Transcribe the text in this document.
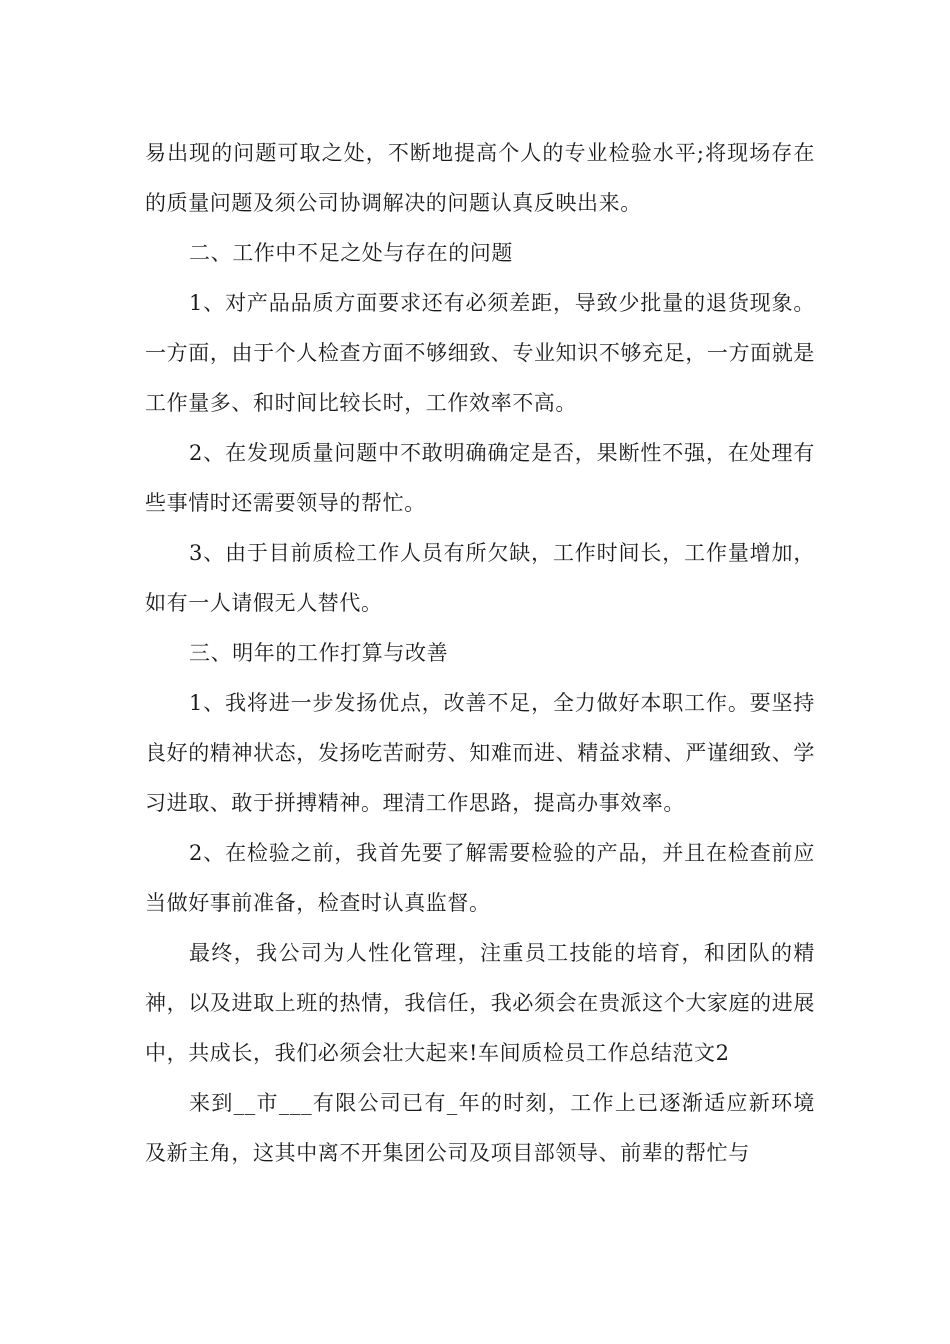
易出现的问题可取之处，不断地提高个人的专业检验水平;将现场存在的质量问题及须公司协调解决的问题认真反映出来。

二、工作中不足之处与存在的问题

1、对产品品质方面要求还有必须差距，导致少批量的退货现象。一方面，由于个人检查方面不够细致、专业知识不够充足，一方面就是工作量多、和时间比较长时，工作效率不高。

2、在发现质量问题中不敢明确确定是否，果断性不强，在处理有些事情时还需要领导的帮忙。

3、由于目前质检工作人员有所欠缺，工作时间长，工作量增加，如有一人请假无人替代。

三、明年的工作打算与改善

1、我将进一步发扬优点，改善不足，全力做好本职工作。要坚持良好的精神状态，发扬吃苦耐劳、知难而进、精益求精、严谨细致、学习进取、敢于拼搏精神。理清工作思路，提高办事效率。

2、在检验之前，我首先要了解需要检验的产品，并且在检查前应当做好事前准备，检查时认真监督。

最终，我公司为人性化管理，注重员工技能的培育，和团队的精神，以及进取上班的热情，我信任，我必须会在贵派这个大家庭的进展中，共成长，我们必须会壮大起来!车间质检员工作总结范文2

来到__市___有限公司已有_年的时刻，工作上已逐渐适应新环境及新主角，这其中离不开集团公司及项目部领导、前辈的帮忙与
